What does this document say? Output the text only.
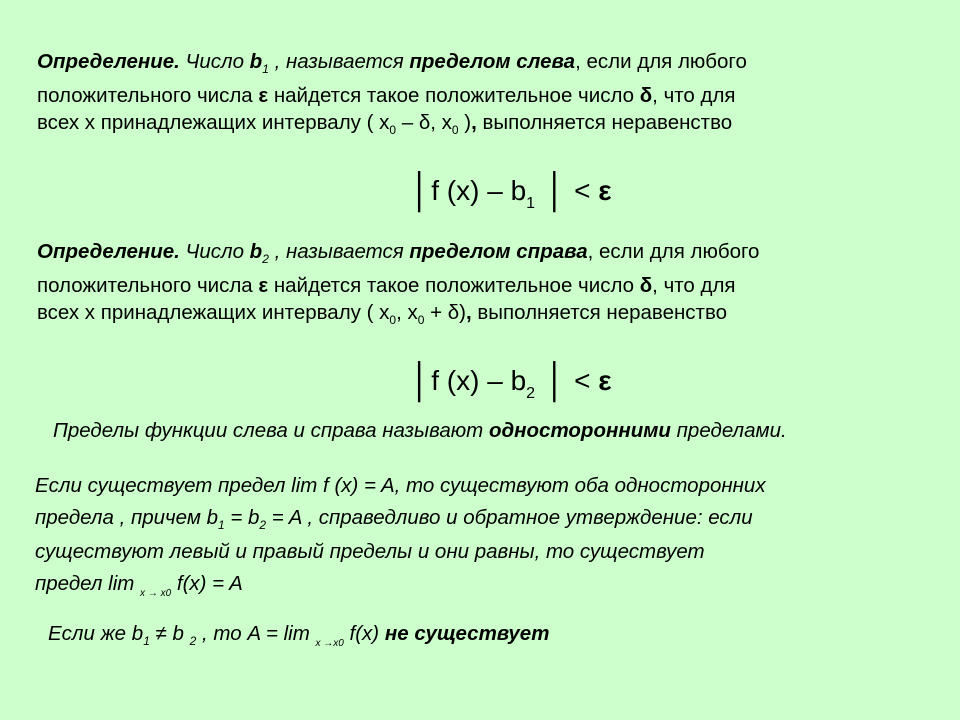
Определение. Число $b_1$ , называется пределом слева, если для любого
положительного числа ε найдется такое положительное число δ, что для
всех x принадлежащих интервалу ( $x_0$ – δ, $x_0$ ), выполняется неравенство
│f $(x) - b_1$ │ < ε
Определение. Число $b_2$ , называется пределом справа, если для любого
положительного числа ε найдется такое положительное число δ, что для
всех x принадлежащих интервалу ( $x_0$, $x_0 + \delta$), выполняется неравенство
│f $(x) - b_2$ │ < ε
Пределы функции слева и справа называют односторонними пределами.
Если существует предел lim f (x) = A, то существуют оба односторонних
предела , причем $b_1 = b_2 = A$ , справедливо и обратное утверждение: если
существуют левый и правый пределы и они равны, то существует
предел lim $_{x \to x0}$ f(x) = A
Если же $b_1 \ne b$ $_2$ , то A = lim $_{x \to x0}$ f(x) не существует
